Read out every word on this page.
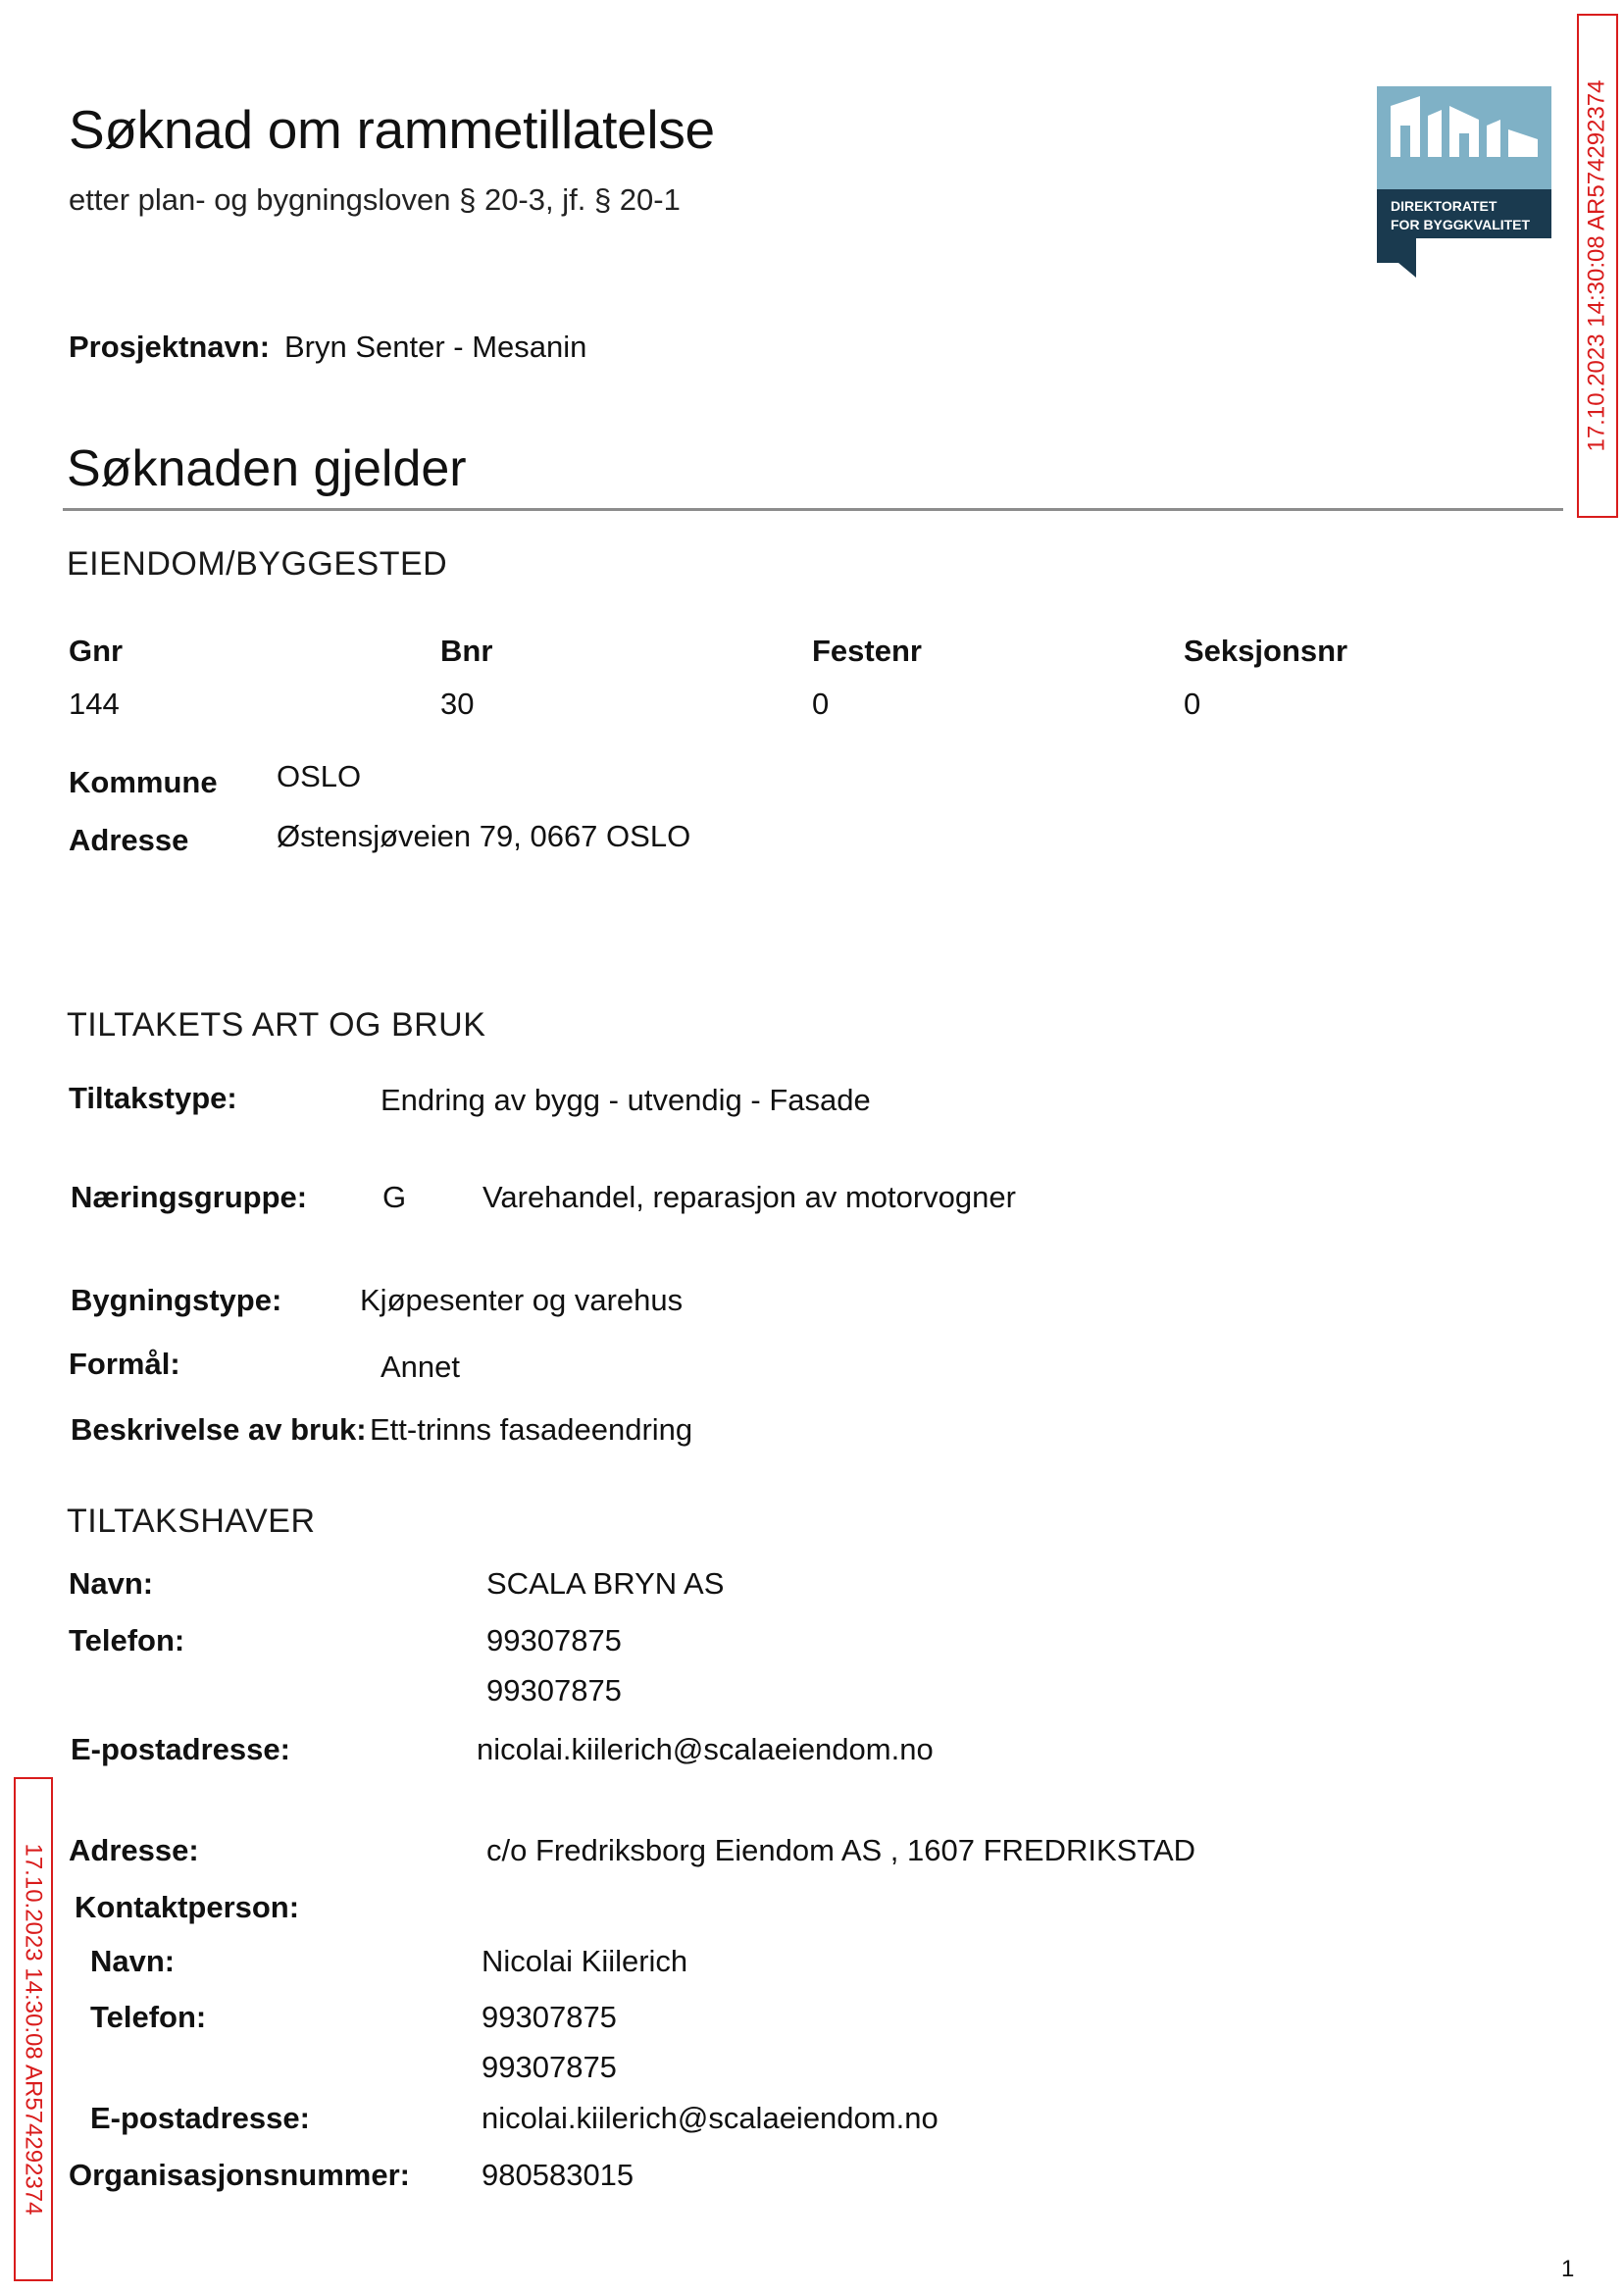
Søknad om rammetillatelse
etter plan- og bygningsloven § 20-3, jf. § 20-1	DIREKTORATET
FOR BYGGKVALITET 17.10.2023 14:30:08 AR574292374
17.10.2023 14:30:08 AR574292374
Prosjektnavn: Bryn Senter - Mesanin
Søknaden gjelder
EIENDOM/BYGGESTED
Gnr	Bnr	Festenr	Seksjonsnr
144	30	0	0
Kommune OSLO
Adresse	Østensjøveien 79, 0667 OSLO
TILTAKETS ART OG BRUK
Tiltakstype:	Endring av bygg - utvendig - Fasade
Næringsgruppe: G	Varehandel, reparasjon av motorvogner
Bygningstype:	Kjøpesenter og varehus
Formål:	Annet
Beskrivelse av bruk: Ett-trinns fasadeendring
TILTAKSHAVER
Navn:	SCALA BRYN AS
Telefon:	99307875
99307875
E-postadresse:	nicolai.kiilerich@scalaeiendom.no
Adresse:	c/o Fredriksborg Eiendom AS , 1607 FREDRIKSTAD
Kontaktperson:
Navn:	Nicolai Kiilerich
Telefon:	99307875
99307875
E-postadresse:	nicolai.kiilerich@scalaeiendom.no
Organisasjonsnummer: 980583015
1
